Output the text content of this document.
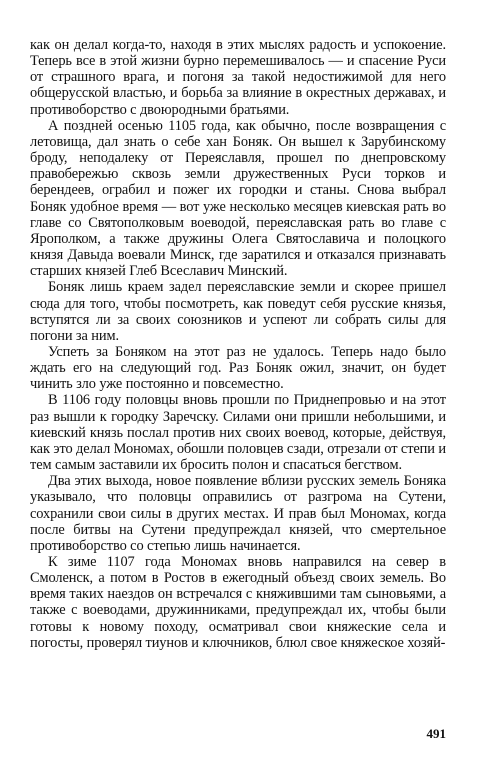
как он делал когда-то, находя в этих мыслях радость и успокоение. Теперь все в этой жизни бурно перемешивалось — и спасение Руси от страшного врага, и погоня за такой недостижимой для него общерусской властью, и борьба за влияние в окрестных державах, и противоборство с двоюродными братьями.

А поздней осенью 1105 года, как обычно, после возвращения с летовища, дал знать о себе хан Боняк. Он вышел к Зарубинскому броду, неподалеку от Переяславля, прошел по днепровскому правобережью сквозь земли дружественных Руси торков и берендеев, ограбил и пожег их городки и станы. Снова выбрал Боняк удобное время — вот уже несколько месяцев киевская рать во главе со Святополковым воеводой, переяславская рать во главе с Ярополком, а также дружины Олега Святославича и полоцкого князя Давыда воевали Минск, где заратился и отказался признавать старших князей Глеб Всеславич Минский.

Боняк лишь краем задел переяславские земли и скорее пришел сюда для того, чтобы посмотреть, как поведут себя русские князья, вступятся ли за своих союзников и успеют ли собрать силы для погони за ним.

Успеть за Боняком на этот раз не удалось. Теперь надо было ждать его на следующий год. Раз Боняк ожил, значит, он будет чинить зло уже постоянно и повсеместно.

В 1106 году половцы вновь прошли по Приднепровью и на этот раз вышли к городку Заречску. Силами они пришли небольшими, и киевский князь послал против них своих воевод, которые, действуя, как это делал Мономах, обошли половцев сзади, отрезали от степи и тем самым заставили их бросить полон и спасаться бегством.

Два этих выхода, новое появление вблизи русских земель Боняка указывало, что половцы оправились от разгрома на Сутени, сохранили свои силы в других местах. И прав был Мономах, когда после битвы на Сутени предупреждал князей, что смертельное противоборство со степью лишь начинается.

К зиме 1107 года Мономах вновь направился на север в Смоленск, а потом в Ростов в ежегодный объезд своих земель. Во время таких наездов он встречался с княжившими там сыновьями, а также с воеводами, дружинниками, предупреждал их, чтобы были готовы к новому походу, осматривал свои княжеские села и погосты, проверял тиунов и ключников, блюл свое княжеское хозяй-

491
